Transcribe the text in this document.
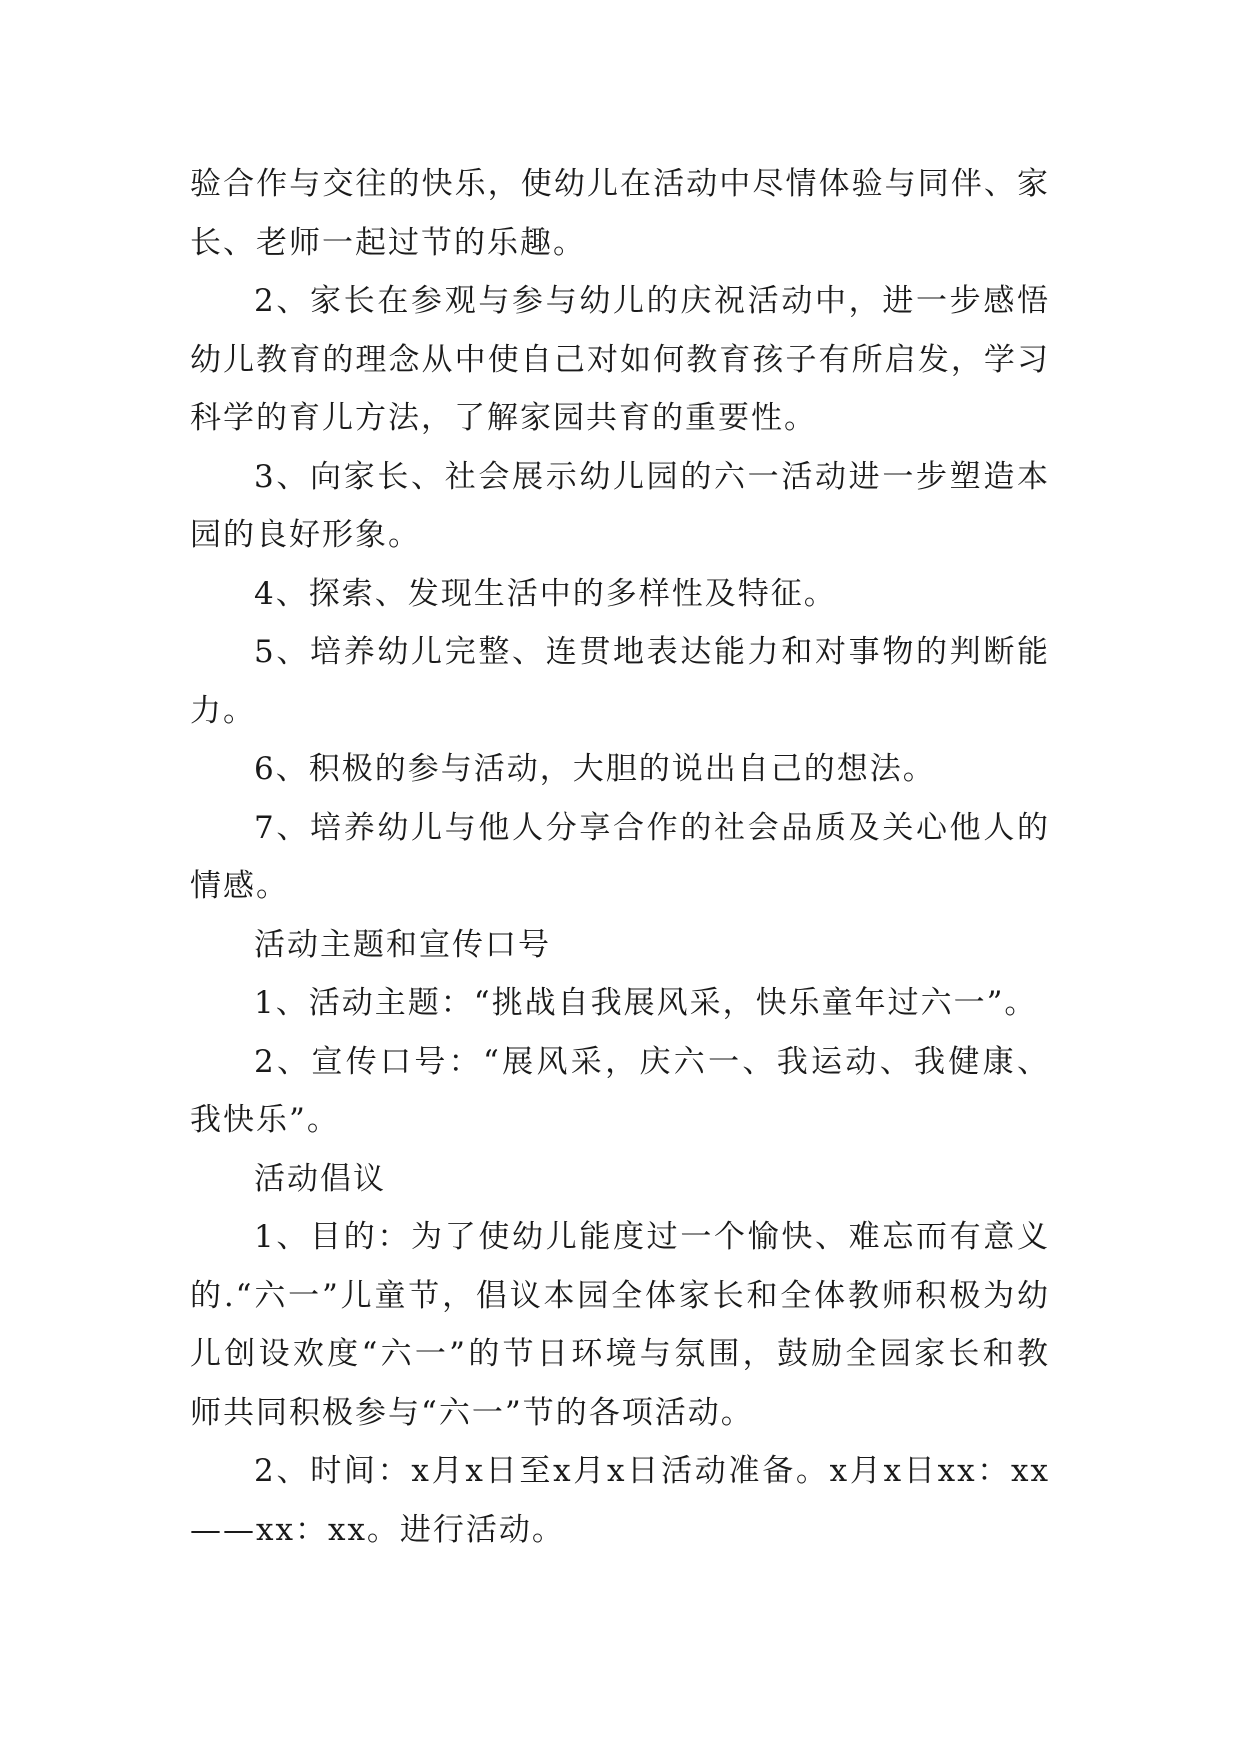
验合作与交往的快乐，使幼儿在活动中尽情体验与同伴、家长、老师一起过节的乐趣。

2、家长在参观与参与幼儿的庆祝活动中，进一步感悟幼儿教育的理念从中使自己对如何教育孩子有所启发，学习科学的育儿方法，了解家园共育的重要性。

3、向家长、社会展示幼儿园的六一活动进一步塑造本园的良好形象。

4、探索、发现生活中的多样性及特征。

5、培养幼儿完整、连贯地表达能力和对事物的判断能力。

6、积极的参与活动，大胆的说出自己的想法。

7、培养幼儿与他人分享合作的社会品质及关心他人的情感。

活动主题和宣传口号

1、活动主题：“挑战自我展风采，快乐童年过六一”。

2、宣传口号：“展风采，庆六一、我运动、我健康、我快乐”。

活动倡议

1、目的：为了使幼儿能度过一个愉快、难忘而有意义的.“六一”儿童节，倡议本园全体家长和全体教师积极为幼儿创设欢度“六一”的节日环境与氛围，鼓励全园家长和教师共同积极参与“六一”节的各项活动。

2、时间：x月x日至x月x日活动准备。x月x日xx：xx——xx：xx。进行活动。
